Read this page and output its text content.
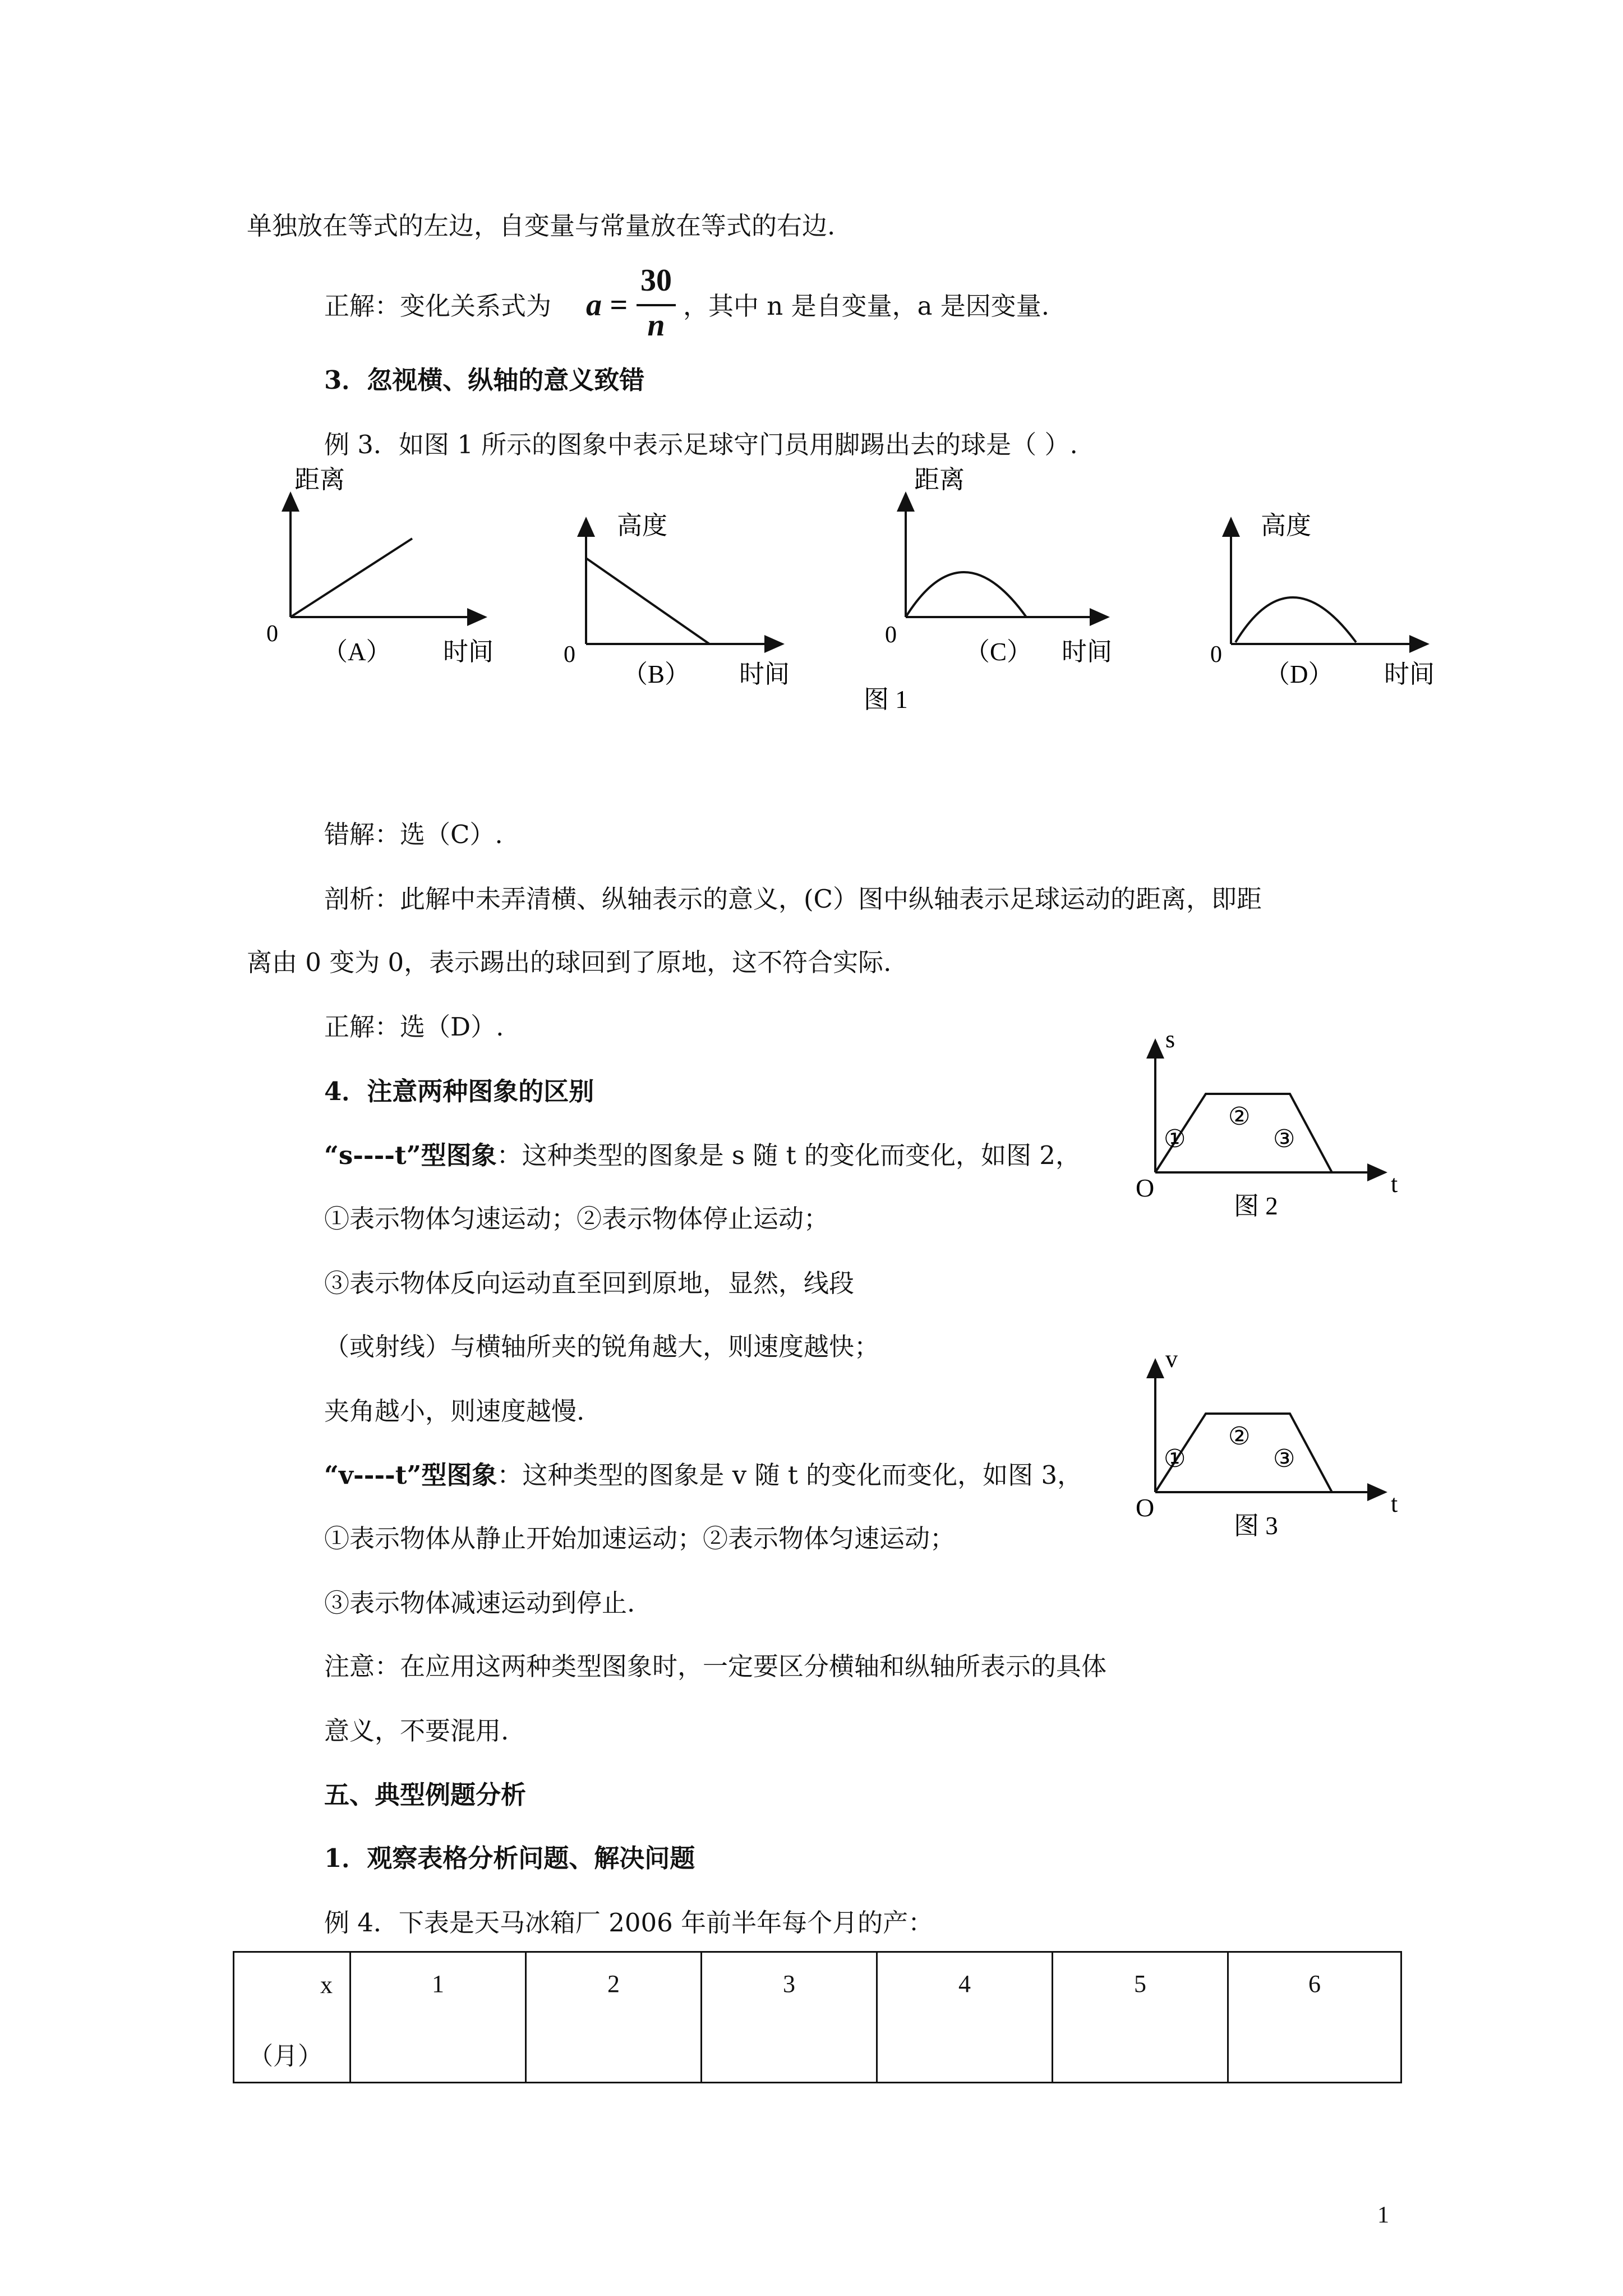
单独放在等式的左边，自变量与常量放在等式的右边.
正解：变化关系式为 a =
30
n
，其中 n 是自变量，a 是因变量.
3．忽视横、纵轴的意义致错
例 3．如图 1 所示的图象中表示足球守门员用脚踢出去的球是（ ）.
距离
0
（A） 时间
高度
0
（B） 时间
距离
0
（C） 时间
高度
0
（D） 时间
图 1
错解：选（C）.
剖析：此解中未弄清横、纵轴表示的意义，(C）图中纵轴表示足球运动的距离，即距
离由 0 变为 0，表示踢出的球回到了原地，这不符合实际.
正解：选（D）.
4．注意两种图象的区别
“s----t”型图象：这种类型的图象是 s 随 t 的变化而变化，如图 2，
①表示物体匀速运动；②表示物体停止运动；
③表示物体反向运动直至回到原地，显然，线段
（或射线）与横轴所夹的锐角越大，则速度越快；
夹角越小，则速度越慢.
“v----t”型图象：这种类型的图象是 v 随 t 的变化而变化，如图 3，
①表示物体从静止开始加速运动；②表示物体匀速运动；
③表示物体减速运动到停止.
注意：在应用这两种类型图象时，一定要区分横轴和纵轴所表示的具体
意义，不要混用.
五、典型例题分析
1．观察表格分析问题、解决问题
例 4．下表是天马冰箱厂 2006 年前半年每个月的产：
s
t
O
①
②
③
图 2
v
t
O
①
②
③
图 3
x
（月）
	1	2	3	4	5	6
1
